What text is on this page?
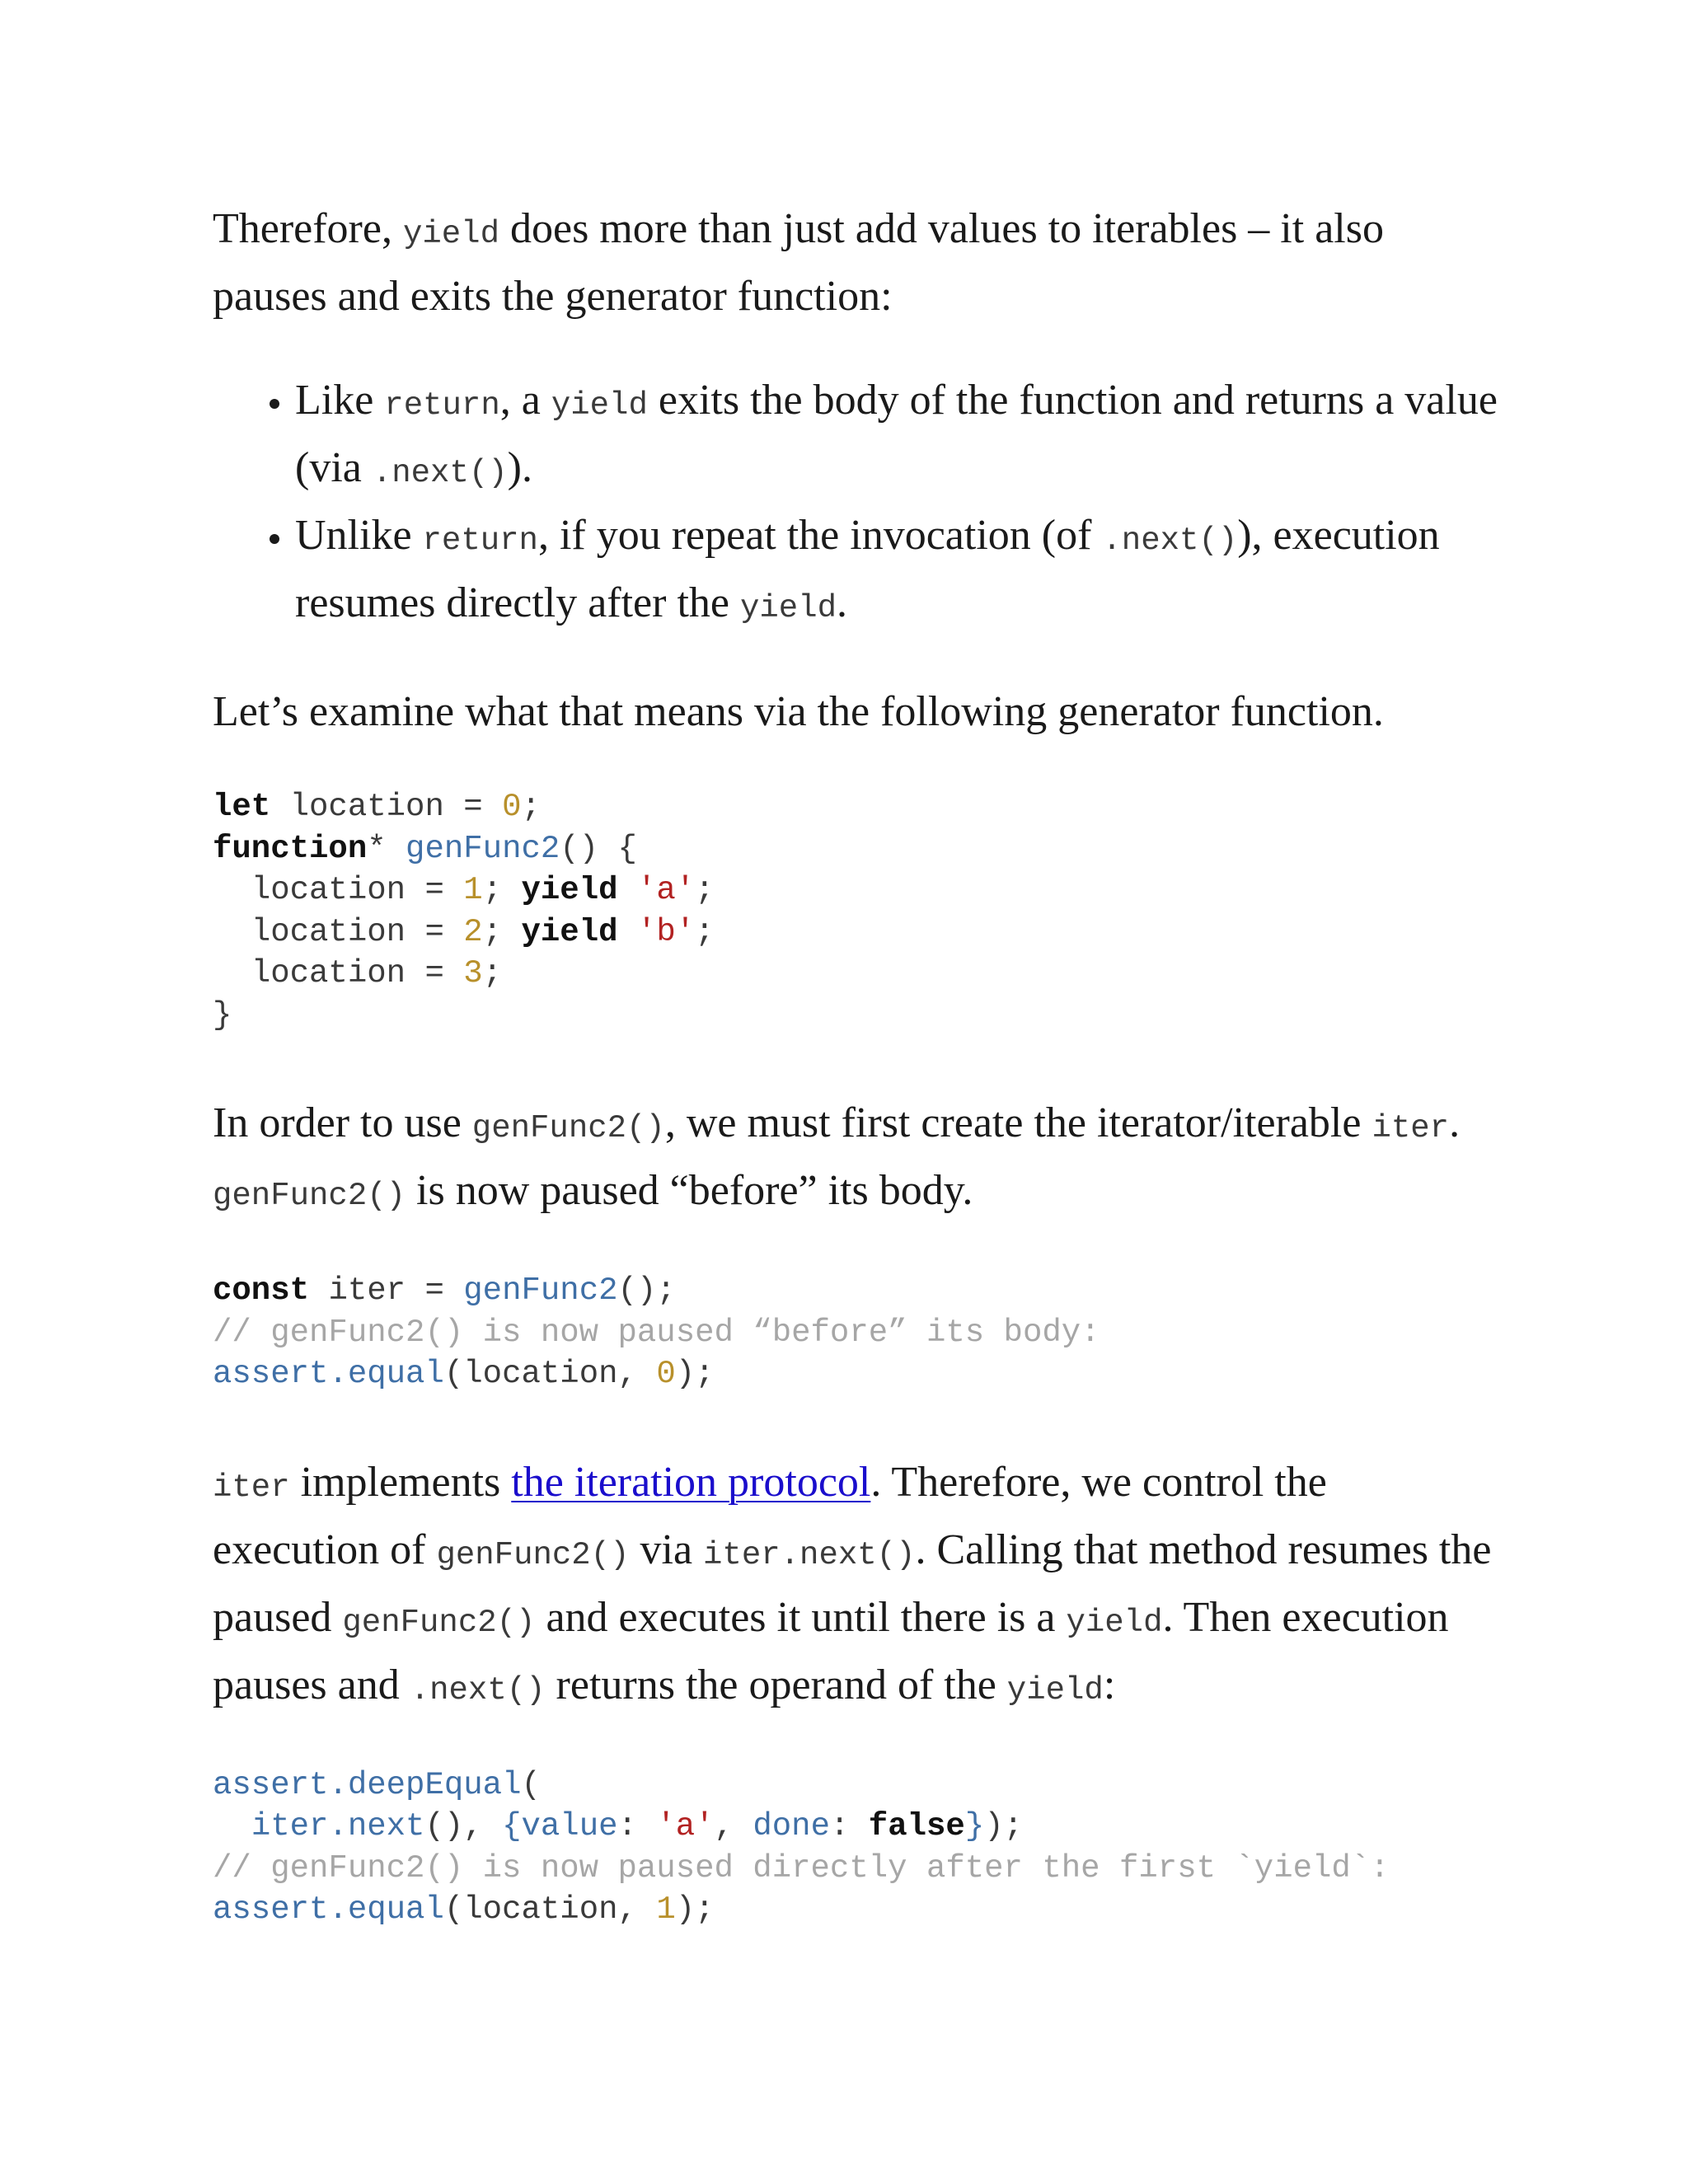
Therefore, yield does more than just add values to iterables – it also pauses and exits the generator function:

• Like return, a yield exits the body of the function and returns a value (via .next()).
• Unlike return, if you repeat the invocation (of .next()), execution resumes directly after the yield.

Let’s examine what that means via the following generator function.

let location = 0;
function* genFunc2() {
location = 1; yield 'a';
location = 2; yield 'b';
location = 3;
}

In order to use genFunc2(), we must first create the iterator/iterable iter. genFunc2() is now paused “before” its body.

const iter = genFunc2();
// genFunc2() is now paused “before” its body:
assert.equal(location, 0);

iter implements the iteration protocol. Therefore, we control the execution of genFunc2() via iter.next(). Calling that method resumes the paused genFunc2() and executes it until there is a yield. Then execution pauses and .next() returns the operand of the yield:

assert.deepEqual(
iter.next(), {value: 'a', done: false});
// genFunc2() is now paused directly after the first `yield`:
assert.equal(location, 1);
